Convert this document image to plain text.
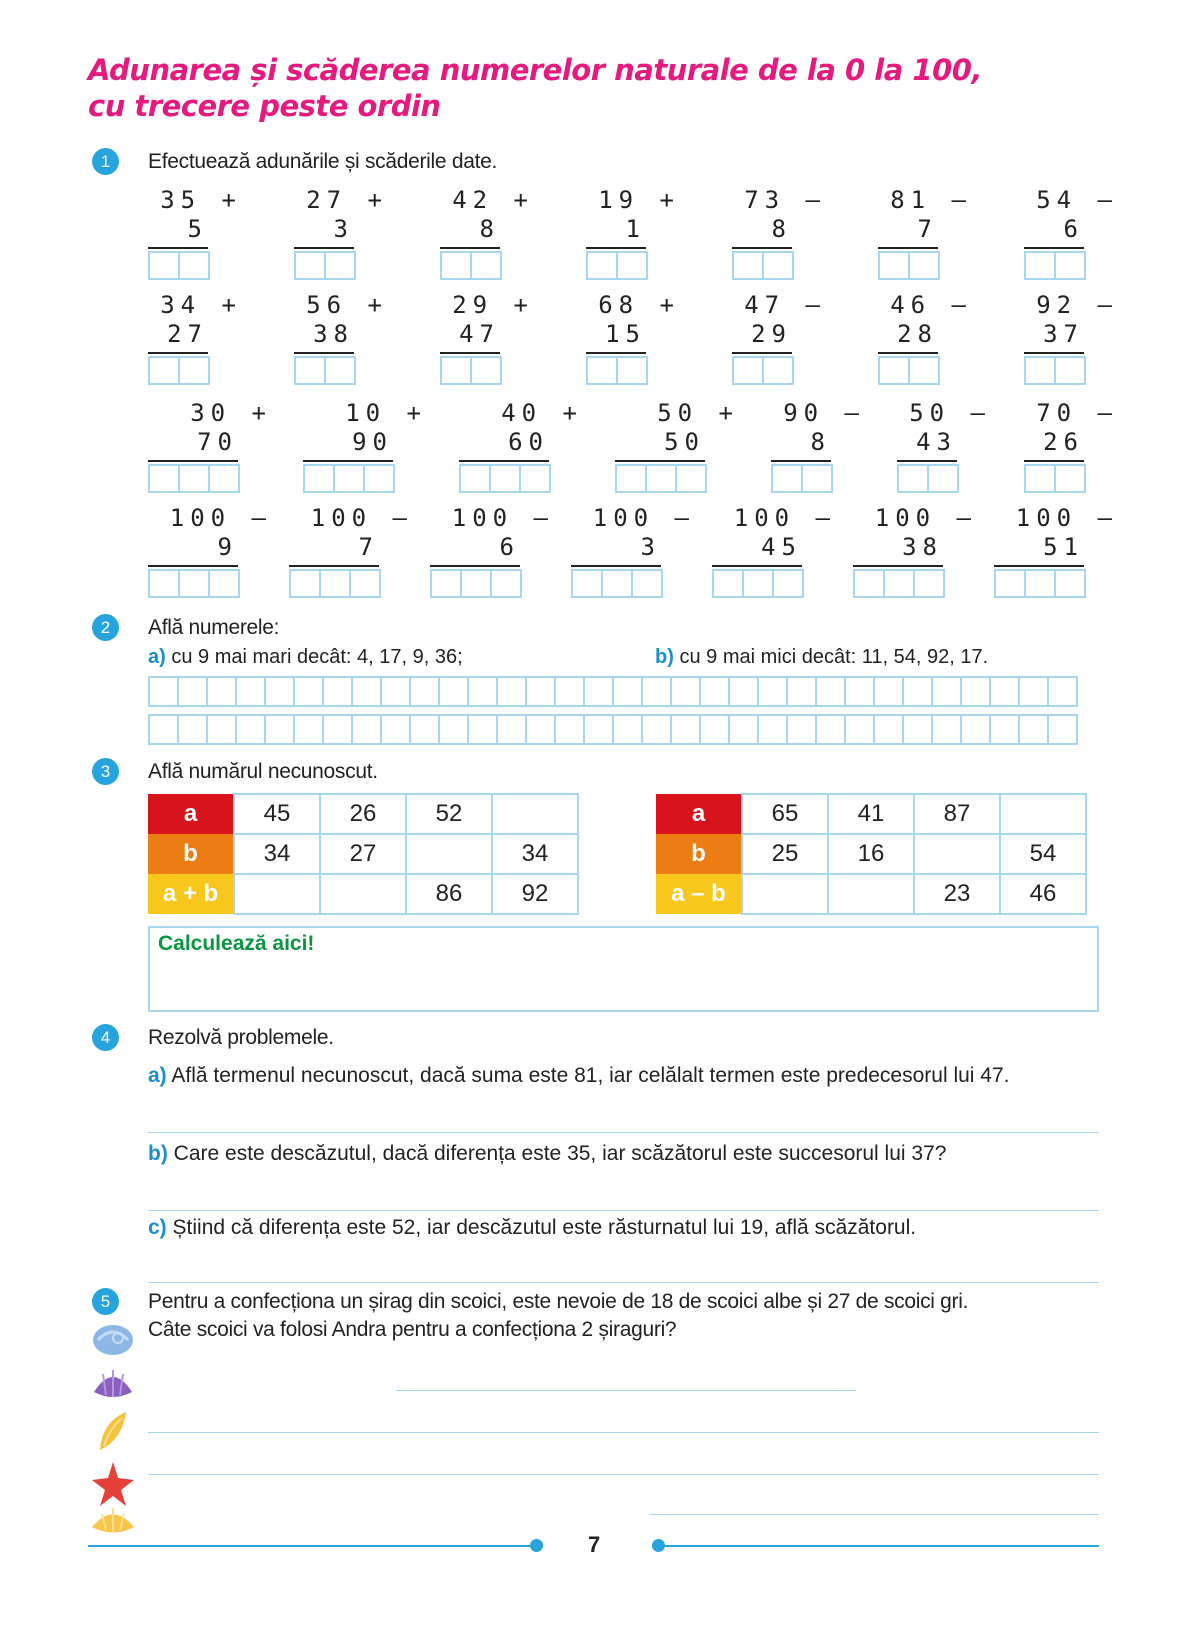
Adunarea și scăderea numerelor naturale de la 0 la 100,
cu trecere peste ordin
1	Efectuează adunările și scăderile date.
35 +
5
27 +
3
42 +
8
19 +
1
73 –
8
81 –
7
54 –
6
34 +
27
56 +
38
29 +
47
68 +
15
47 –
29
46 –
28
92 –
37
30 +
70
10 +
90
40 +
60
50 +
50
90 –
8
50 –
43
70 –
26
100 –
9
100 –
7
100 –
6
100 –
3
100 –
45
100 –
38
100 –
51
2	Află numerele:
a) cu 9 mai mari decât: 4, 17, 9, 36;	b) cu 9 mai mici decât: 11, 54, 92, 17.
3	Află numărul necunoscut.
a	45	26	52	
b	34	27		34
a + b			86	92
a	65	41	87	
b	25	16		54
a – b			23	46
Calculează aici!
4	Rezolvă problemele.
a) Află termenul necunoscut, dacă suma este 81, iar celălalt termen este predecesorul lui 47.
b) Care este descăzutul, dacă diferența este 35, iar scăzătorul este succesorul lui 37?
c) Știind că diferența este 52, iar descăzutul este răsturnatul lui 19, află scăzătorul.
5	Pentru a confecționa un șirag din scoici, este nevoie de 18 de scoici albe și 27 de scoici gri.
Câte scoici va folosi Andra pentru a confecționa 2 șiraguri?
7
